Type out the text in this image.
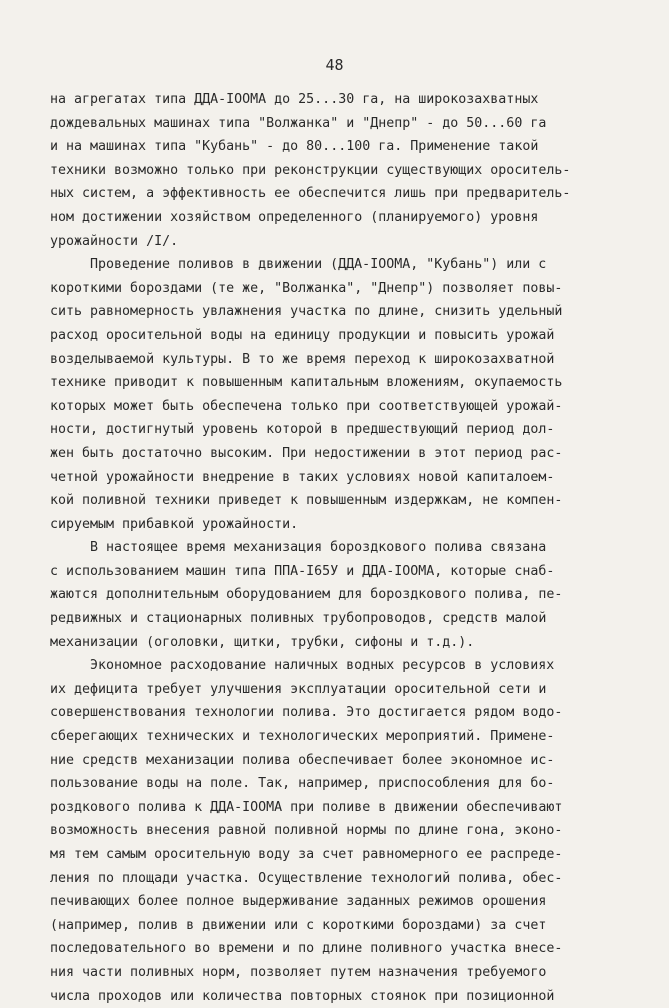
48
на агрегатах типа ДДА-IOOMA до 25...30 га, на широкозахватных
дождевальных машинах типа "Волжанка" и "Днепр" - до 50...60 га
и на машинах типа "Кубань" - до 80...100 га. Применение такой
техники возможно только при реконструкции существующих ороситель-
ных систем, а эффективность ее обеспечится лишь при предваритель-
ном достижении хозяйством определенного (планируемого) уровня
урожайности /I/.
Проведение поливов в движении (ДДА-IOOMA, "Кубань") или с
короткими бороздами (те же, "Волжанка", "Днепр") позволяет повы-
сить равномерность увлажнения участка по длине, снизить удельный
расход оросительной воды на единицу продукции и повысить урожай
возделываемой культуры. В то же время переход к широкозахватной
технике приводит к повышенным капитальным вложениям, окупаемость
которых может быть обеспечена только при соответствующей урожай-
ности, достигнутый уровень которой в предшествующий период дол-
жен быть достаточно высоким. При недостижении в этот период рас-
четной урожайности внедрение в таких условиях новой капиталоем-
кой поливной техники приведет к повышенным издержкам, не компен-
сируемым прибавкой урожайности.
В настоящее время механизация бороздкового полива связана
с использованием машин типа ППА-I65У и ДДА-IOOMA, которые снаб-
жаются дополнительным оборудованием для бороздкового полива, пе-
редвижных и стационарных поливных трубопроводов, средств малой
механизации (оголовки, щитки, трубки, сифоны и т.д.).
Экономное расходование наличных водных ресурсов в условиях
их дефицита требует улучшения эксплуатации оросительной сети и
совершенствования технологии полива. Это достигается рядом водо-
сберегающих технических и технологических мероприятий. Примене-
ние средств механизации полива обеспечивает более экономное ис-
пользование воды на поле. Так, например, приспособления для бо-
роздкового полива к ДДА-IOOMA при поливе в движении обеспечивают
возможность внесения равной поливной нормы по длине гона, эконо-
мя тем самым оросительную воду за счет равномерного ее распреде-
ления по площади участка. Осуществление технологий полива, обес-
печивающих более полное выдерживание заданных режимов орошения
(например, полив в движении или с короткими бороздами) за счет
последовательного во времени и по длине поливного участка внесе-
ния части поливных норм, позволяет путем назначения требуемого
числа проходов или количества повторных стоянок при позиционной
